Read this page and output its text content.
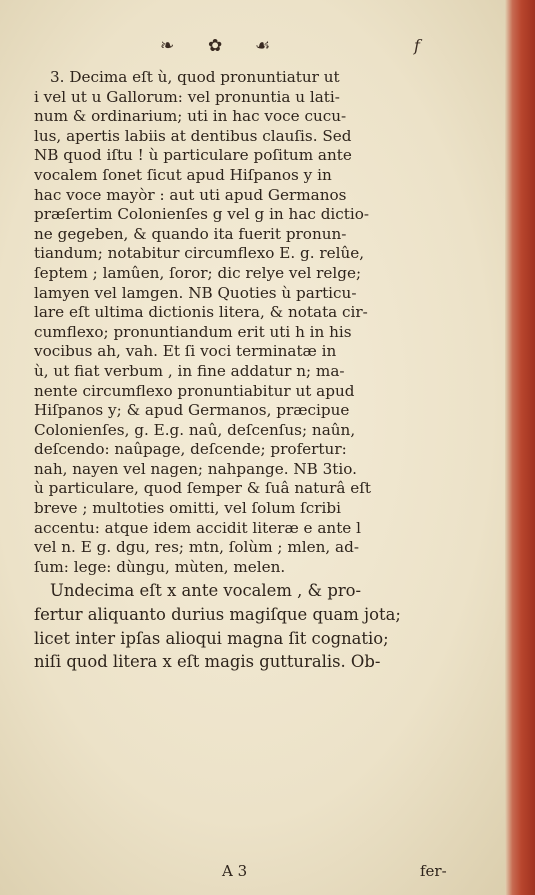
❧ ✿ ☙	f
3. Decima eſt ù, quod pronuntiatur ut
i vel ut u Gallorum: vel pronuntia u lati-
num & ordinarium; uti in hac voce cucu-
lus, apertis labiis at dentibus clauſis. Sed
NB quod iſtu ! ù particulare poſitum ante
vocalem ſonet ſicut apud Hiſpanos y in
hac voce mayòr : aut uti apud Germanos
præſertim Colonienſes g vel g in hac dictio-
ne gegeben, & quando ita fuerit pronun-
tiandum; notabitur circumflexo E. g. relûe,
ſeptem ; lamûen, ſoror; dic relye vel relge;
lamyen vel lamgen. NB Quoties ù particu-
lare eſt ultima dictionis litera, & notata cir-
cumflexo; pronuntiandum erit uti h in his
vocibus ah, vah. Et ſi voci terminatæ in
ù, ut fiat verbum , in fine addatur n; ma-
nente circumflexo pronuntiabitur ut apud
Hiſpanos y; & apud Germanos, præcipue
Colonienſes, g. E.g. naû, deſcenſus; naûn,
deſcendo: naûpage, deſcende; profertur:
nah, nayen vel nagen; nahpange. NB 3tio.
ù particulare, quod ſemper & ſuâ naturâ eſt
breve ; multoties omitti, vel ſolum ſcribi
accentu: atque idem accidit literæ e ante l
vel n. E g. dgu, res; mtn, ſolùm ; mlen, ad-
ſum: lege: dùngu, mùten, melen.
Undecima eſt x ante vocalem , & pro-
fertur aliquanto durius magiſque quam jota;
licet inter ipſas alioqui magna ſit cognatio;
niſi quod litera x eſt magis gutturalis. Ob-
A 3	fer-
